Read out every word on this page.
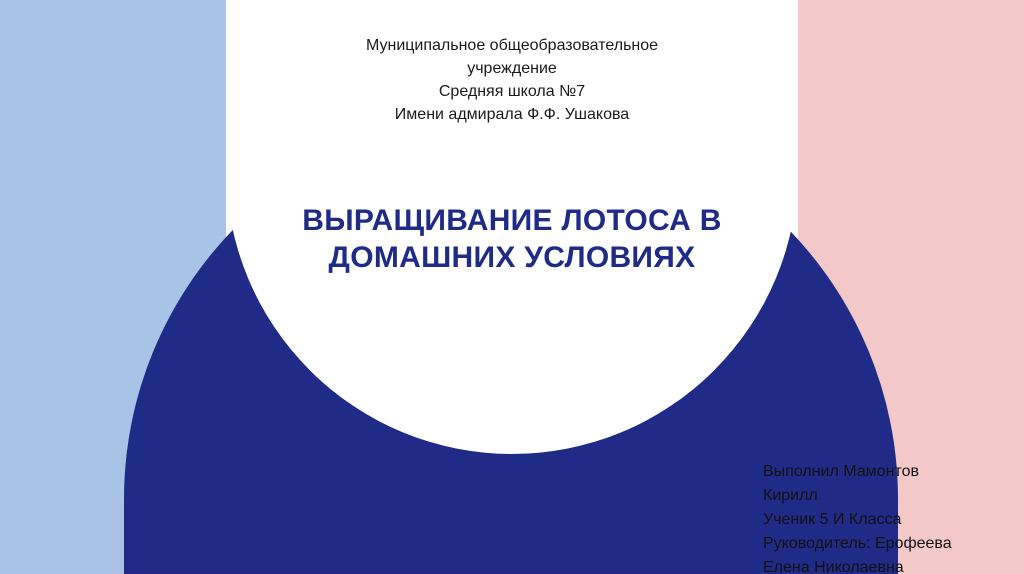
Муниципальное общеобразовательное
учреждение
Средняя школа №7
Имени адмирала Ф.Ф. Ушакова
ВЫРАЩИВАНИЕ ЛОТОСА В
ДОМАШНИХ УСЛОВИЯХ
Выполнил Мамонтов
Кирилл
Ученик 5 И Класса
Руководитель: Ерофеева
Елена Николаевна
